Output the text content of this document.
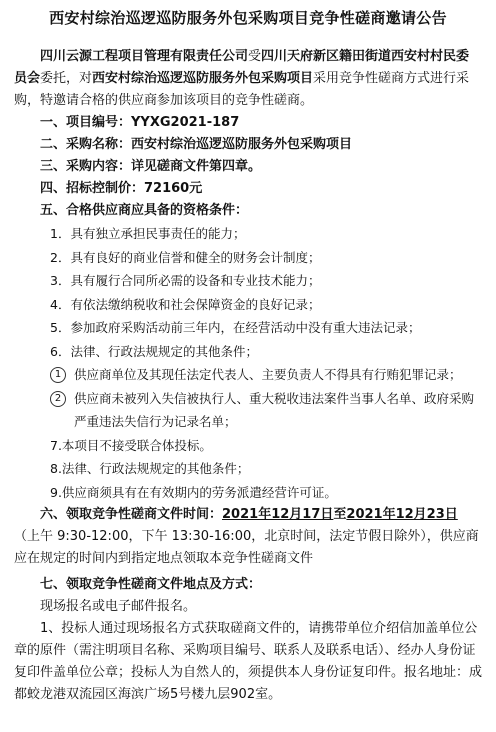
西安村综治巡逻巡防服务外包采购项目竞争性磋商邀请公告

四川云源工程项目管理有限责任公司受四川天府新区籍田街道西安村村民委员会委托，对西安村综治巡逻巡防服务外包采购项目采用竞争性磋商方式进行采购，特邀请合格的供应商参加该项目的竞争性磋商。

一、项目编号：YYXG2021-187

二、采购名称：西安村综治巡逻巡防服务外包采购项目

三、采购内容：详见磋商文件第四章。

四、招标控制价：72160元

五、合格供应商应具备的资格条件：

1．具有独立承担民事责任的能力；

2．具有良好的商业信誉和健全的财务会计制度；

3．具有履行合同所必需的设备和专业技术能力；

4．有依法缴纳税收和社会保障资金的良好记录；

5．参加政府采购活动前三年内，在经营活动中没有重大违法记录；

6．法律、行政法规规定的其他条件；

1	供应商单位及其现任法定代表人、主要负责人不得具有行贿犯罪记录；
2	供应商未被列入失信被执行人、重大税收违法案件当事人名单、政府采购严重违法失信行为记录名单；

7.本项目不接受联合体投标。

8.法律、行政法规规定的其他条件；

9.供应商须具有在有效期内的劳务派遣经营许可证。

六、领取竞争性磋商文件时间：2021年12月17日至2021年12月23日（上午 9:30-12:00，下午 13:30-16:00，北京时间，法定节假日除外），供应商应在规定的时间内到指定地点领取本竞争性磋商文件

七、领取竞争性磋商文件地点及方式：

现场报名或电子邮件报名。

1、投标人通过现场报名方式获取磋商文件的，请携带单位介绍信加盖单位公章的原件（需注明项目名称、采购项目编号、联系人及联系电话）、经办人身份证复印件盖单位公章；投标人为自然人的，须提供本人身份证复印件。报名地址：成都蛟龙港双流园区海滨广场5号楼九层902室。
